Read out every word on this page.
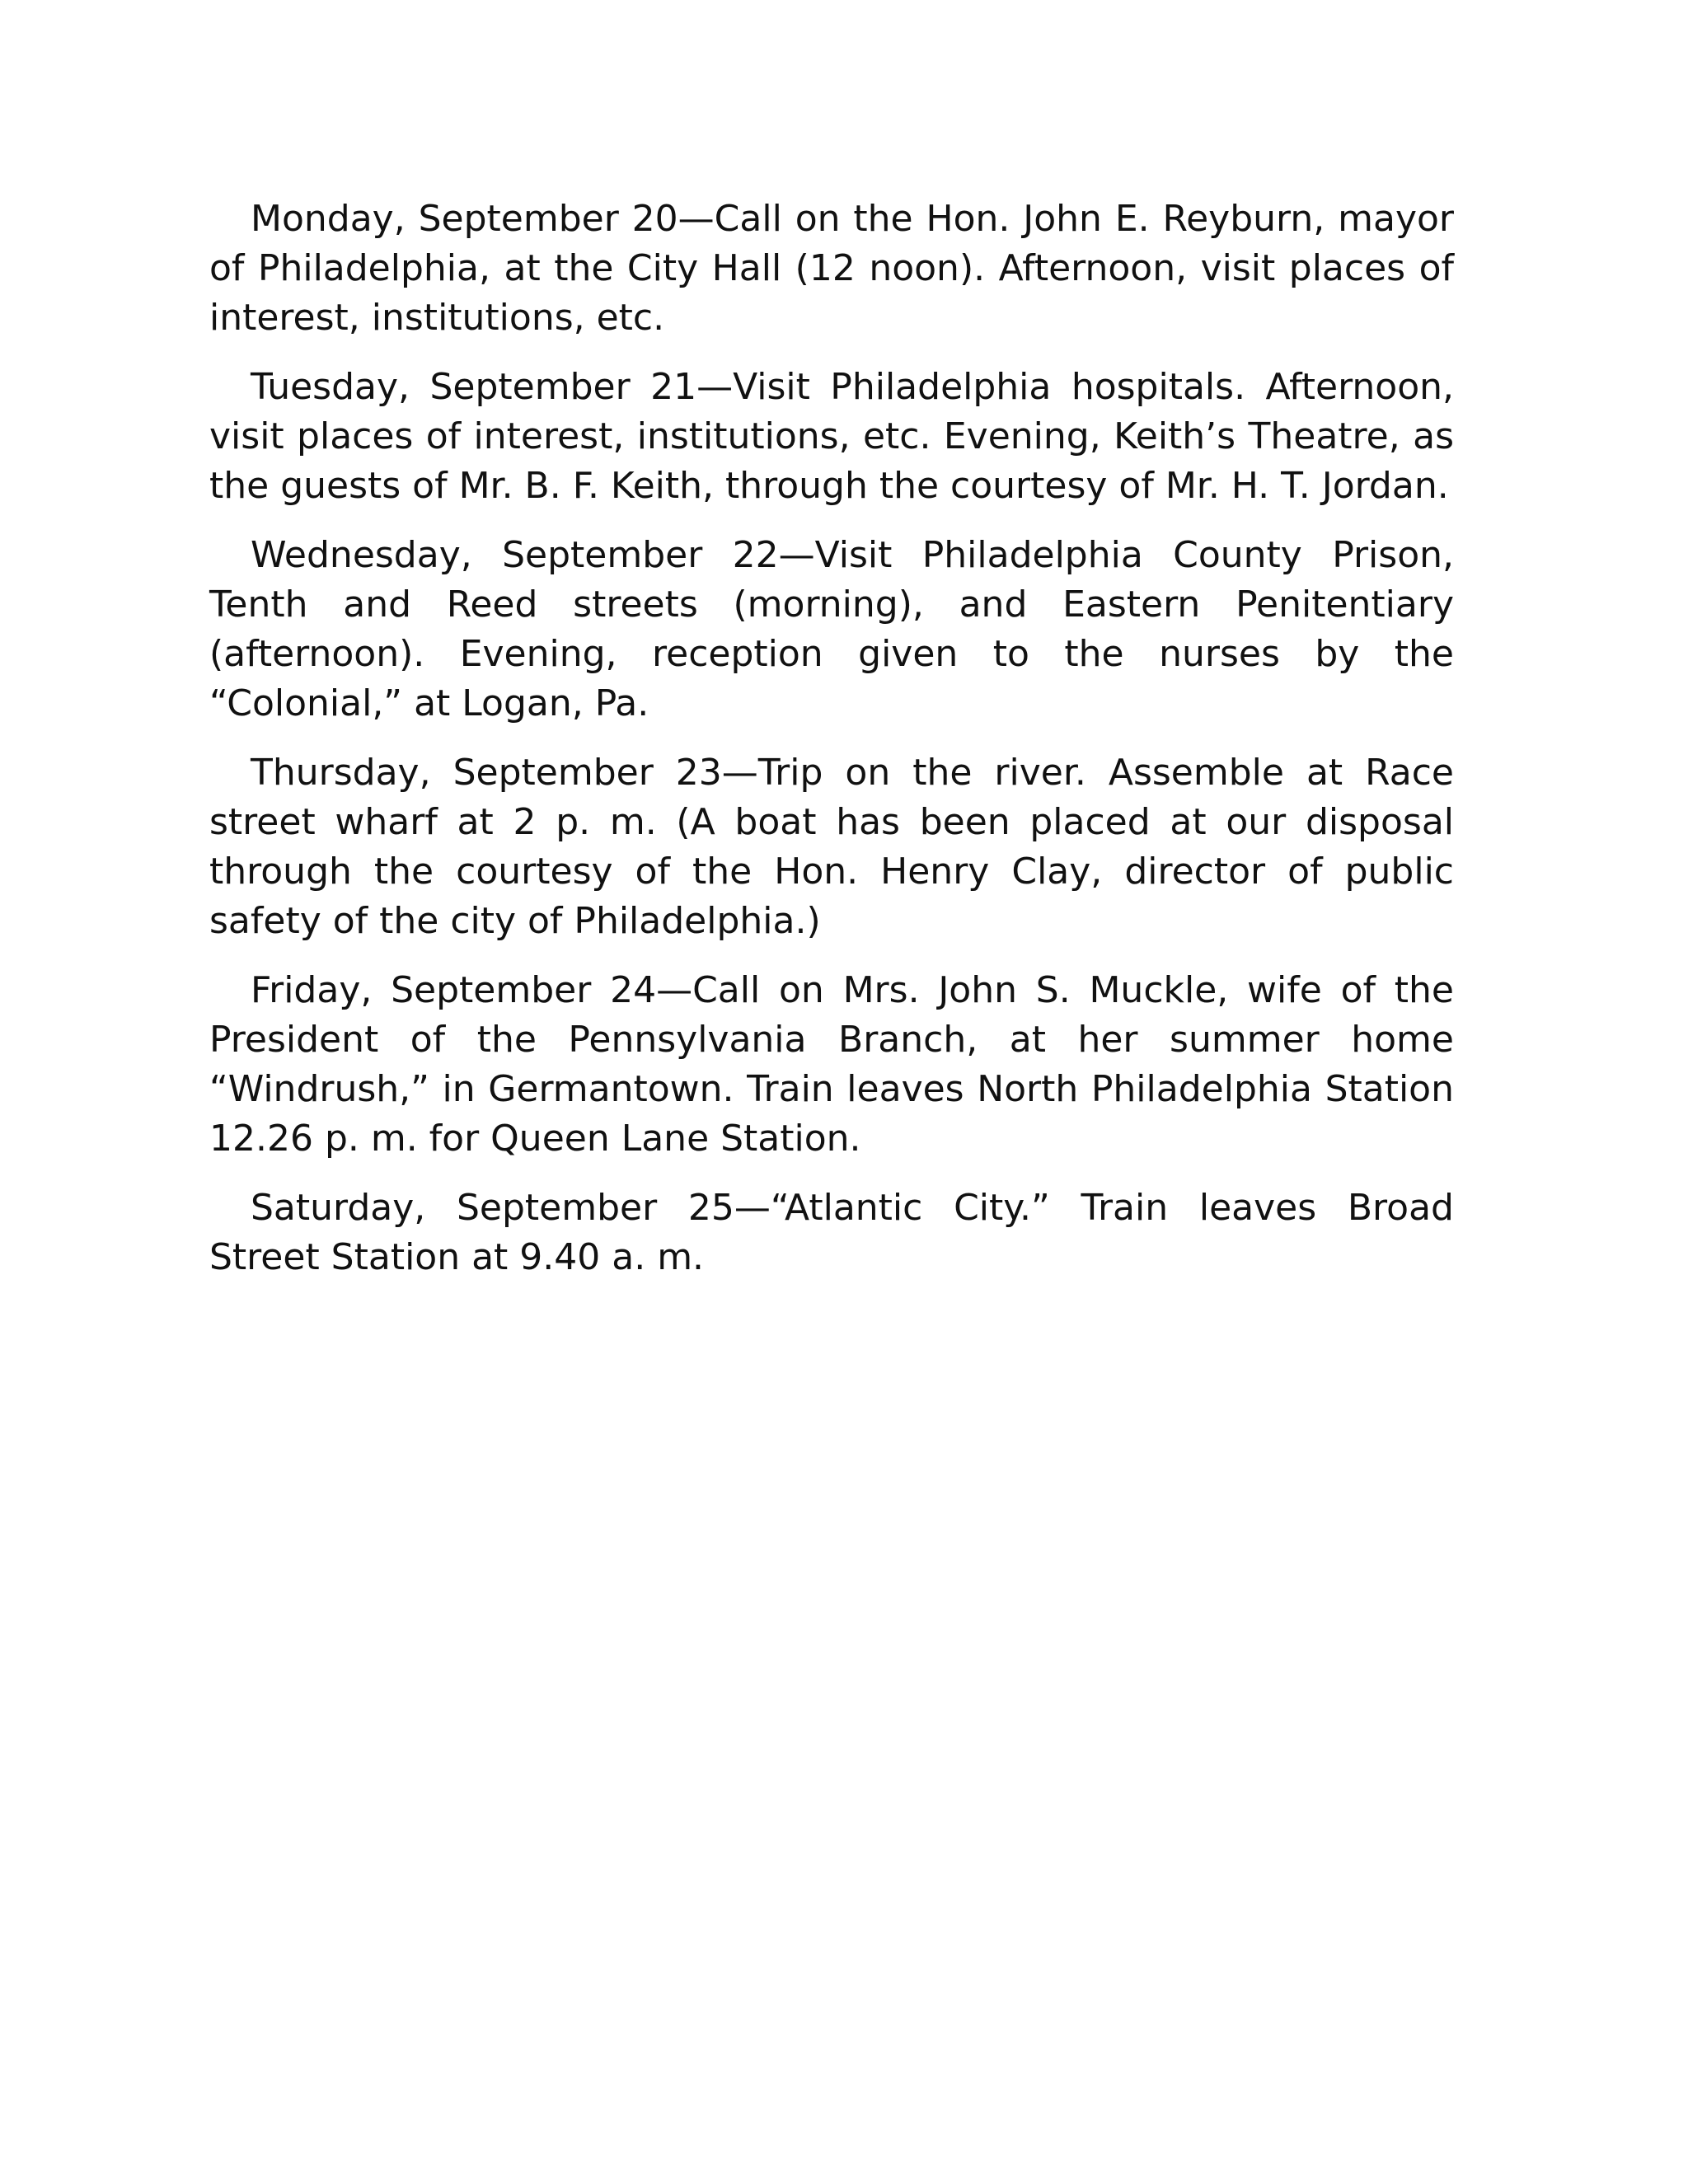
Monday, September 20—Call on the Hon. John E. Reyburn, mayor of Philadelphia, at the City Hall (12 noon). Afternoon, visit places of interest, institutions, etc.

Tuesday, September 21—Visit Philadelphia hospitals. Afternoon, visit places of interest, institutions, etc. Evening, Keith’s Theatre, as the guests of Mr. B. F. Keith, through the courtesy of Mr. H. T. Jordan.

Wednesday, September 22—Visit Philadelphia County Prison, Tenth and Reed streets (morning), and Eastern Penitentiary (afternoon). Evening, reception given to the nurses by the “Colonial,” at Logan, Pa.

Thursday, September 23—Trip on the river. Assemble at Race street wharf at 2 p. m. (A boat has been placed at our disposal through the courtesy of the Hon. Henry Clay, director of public safety of the city of Philadelphia.)

Friday, September 24—Call on Mrs. John S. Muckle, wife of the President of the Pennsylvania Branch, at her summer home “Windrush,” in Germantown. Train leaves North Philadelphia Station 12.26 p. m. for Queen Lane Station.

Saturday, September 25—“Atlantic City.” Train leaves Broad Street Station at 9.40 a. m.
